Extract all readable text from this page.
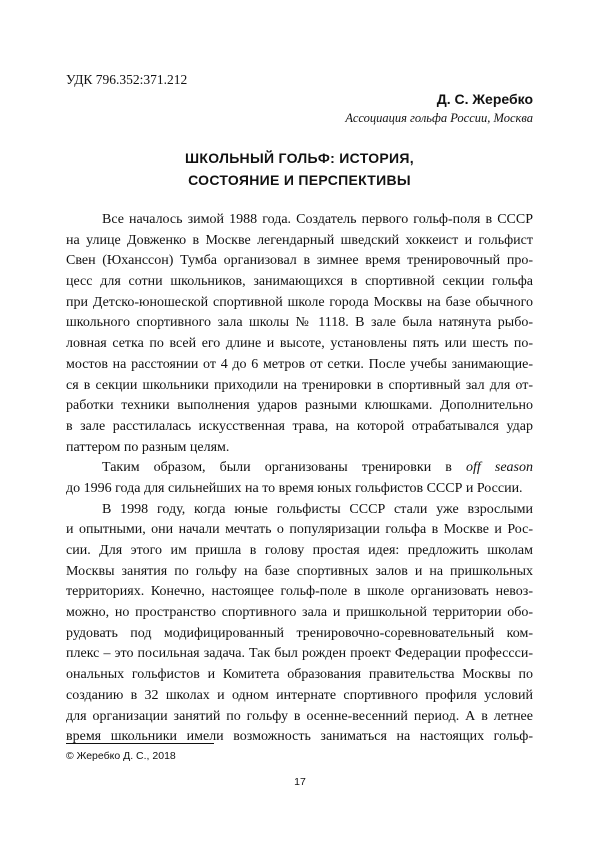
УДК 796.352:371.212
Д. С. Жеребко
Ассоциация гольфа России, Москва
ШКОЛЬНЫЙ ГОЛЬФ: ИСТОРИЯ,
СОСТОЯНИЕ И ПЕРСПЕКТИВЫ
Все началось зимой 1988 года. Создатель первого гольф-поля в СССР
на улице Довженко в Москве легендарный шведский хоккеист и гольфист
Свен (Юханссон) Тумба организовал в зимнее время тренировочный про-
цесс для сотни школьников, занимающихся в спортивной секции гольфа
при Детско-юношеской спортивной школе города Москвы на базе обычного
школьного спортивного зала школы № 1118. В зале была натянута рыбо-
ловная сетка по всей его длине и высоте, установлены пять или шесть по-
мостов на расстоянии от 4 до 6 метров от сетки. После учебы занимающие-
ся в секции школьники приходили на тренировки в спортивный зал для от-
работки техники выполнения ударов разными клюшками. Дополнительно
в зале расстилалась искусственная трава, на которой отрабатывался удар
паттером по разным целям.
Таким образом, были организованы тренировки в off season
до 1996 года для сильнейших на то время юных гольфистов СССР и России.
В 1998 году, когда юные гольфисты СССР стали уже взрослыми
и опытными, они начали мечтать о популяризации гольфа в Москве и Рос-
сии. Для этого им пришла в голову простая идея: предложить школам
Москвы занятия по гольфу на базе спортивных залов и на пришкольных
территориях. Конечно, настоящее гольф-поле в школе организовать невоз-
можно, но пространство спортивного зала и пришкольной территории обо-
рудовать под модифицированный тренировочно-соревновательный ком-
плекс – это посильная задача. Так был рожден проект Федерации профессси-
ональных гольфистов и Комитета образования правительства Москвы по
созданию в 32 школах и одном интернате спортивного профиля условий
для организации занятий по гольфу в осенне-весенний период. А в летнее
время школьники имели возможность заниматься на настоящих гольф-
© Жеребко Д. С., 2018
17
